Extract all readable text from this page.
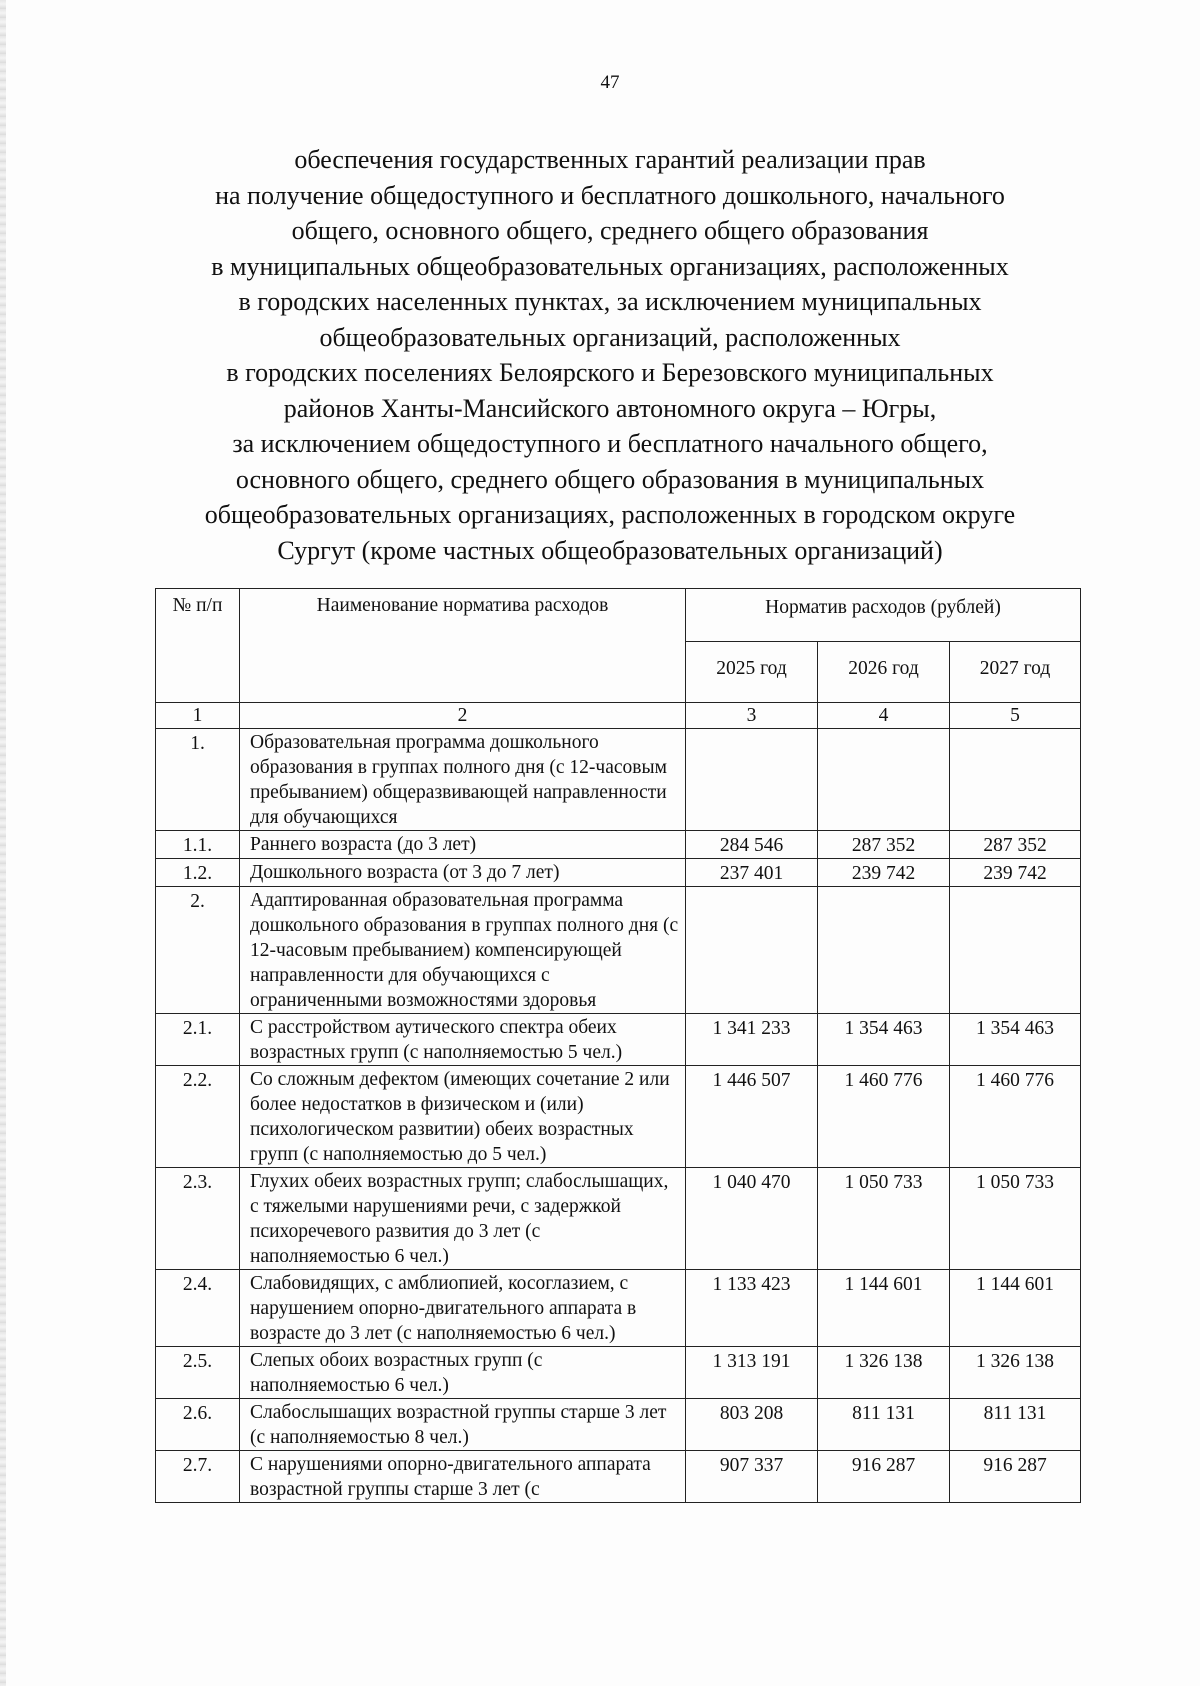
47
обеспечения государственных гарантий реализации прав
на получение общедоступного и бесплатного дошкольного, начального
общего, основного общего, среднего общего образования
в муниципальных общеобразовательных организациях, расположенных
в городских населенных пунктах, за исключением муниципальных
общеобразовательных организаций, расположенных
в городских поселениях Белоярского и Березовского муниципальных
районов Ханты-Мансийского автономного округа – Югры,
за исключением общедоступного и бесплатного начального общего,
основного общего, среднего общего образования в муниципальных
общеобразовательных организациях, расположенных в городском округе
Сургут (кроме частных общеобразовательных организаций)
№ п/п	Наименование норматива расходов	Норматив расходов (рублей)		
		2025 год	2026 год	2027 год
1	2	3	4	5
1.	Образовательная программа дошкольного образования в группах полного дня (с 12-часовым пребыванием) общеразвивающей направленности для обучающихся			
1.1.	Раннего возраста (до 3 лет)	284 546	287 352	287 352
1.2.	Дошкольного возраста (от 3 до 7 лет)	237 401	239 742	239 742
2.	Адаптированная образовательная программа дошкольного образования в группах полного дня (с 12-часовым пребыванием) компенсирующей направленности для обучающихся с ограниченными возможностями здоровья			
2.1.	С расстройством аутического спектра обеих возрастных групп (с наполняемостью 5 чел.)	1 341 233	1 354 463	1 354 463
2.2.	Со сложным дефектом (имеющих сочетание 2 или более недостатков в физическом и (или) психологическом развитии) обеих возрастных групп (с наполняемостью до 5 чел.)	1 446 507	1 460 776	1 460 776
2.3.	Глухих обеих возрастных групп; слабослышащих, с тяжелыми нарушениями речи, с задержкой психоречевого развития до 3 лет (с наполняемостью 6 чел.)	1 040 470	1 050 733	1 050 733
2.4.	Слабовидящих, с амблиопией, косоглазием, с нарушением опорно-двигательного аппарата в возрасте до 3 лет (с наполняемостью 6 чел.)	1 133 423	1 144 601	1 144 601
2.5.	Слепых обоих возрастных групп (с наполняемостью 6 чел.)	1 313 191	1 326 138	1 326 138
2.6.	Слабослышащих возрастной группы старше 3 лет (с наполняемостью 8 чел.)	803 208	811 131	811 131
2.7.	С нарушениями опорно-двигательного аппарата возрастной группы старше 3 лет (с	907 337	916 287	916 287
